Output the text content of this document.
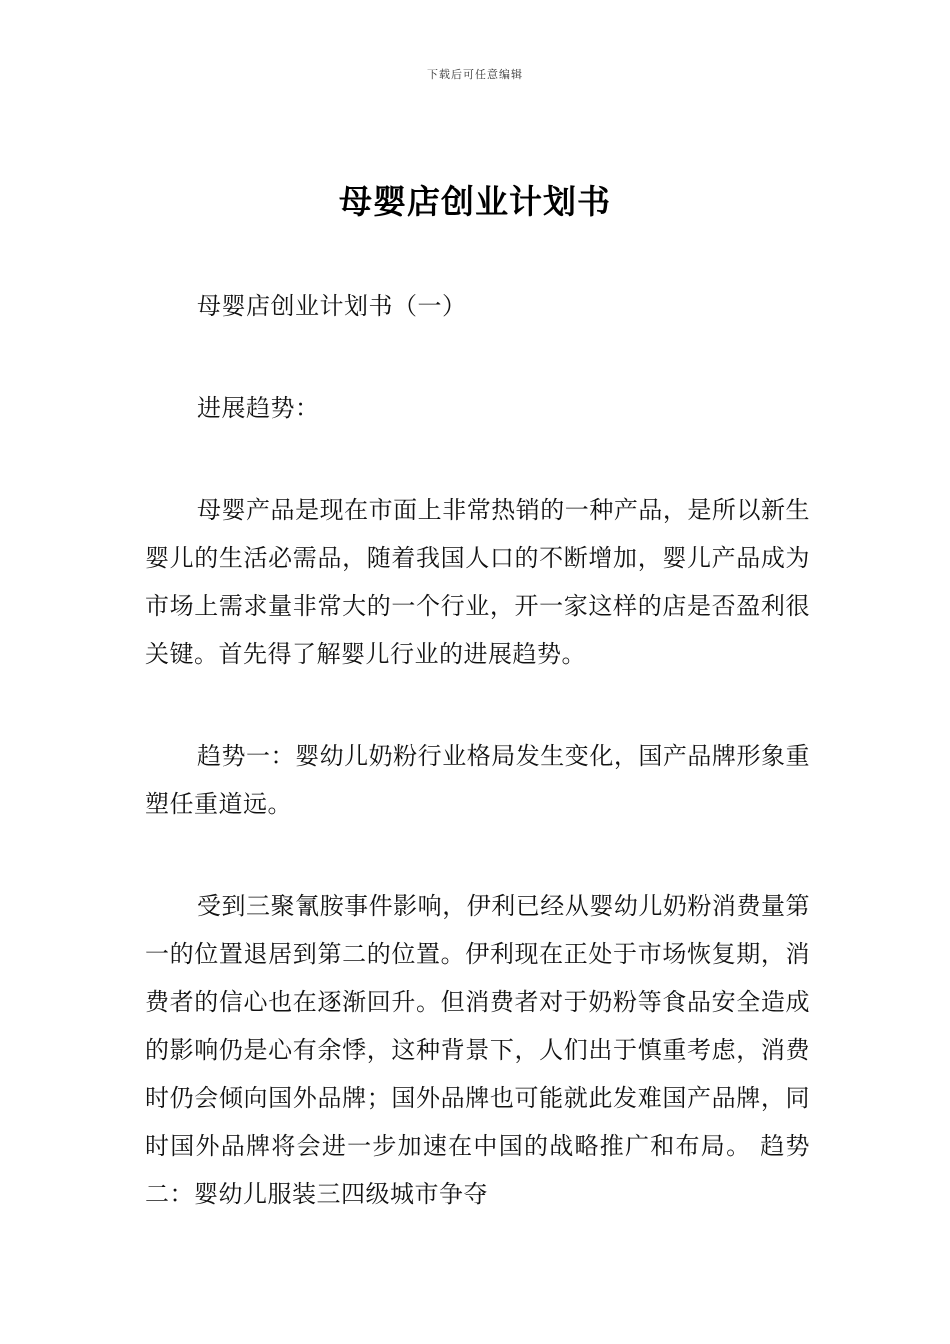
下载后可任意编辑
母婴店创业计划书

母婴店创业计划书（一）

进展趋势：

母婴产品是现在市面上非常热销的一种产品，是所以新生婴儿的生活必需品，随着我国人口的不断增加，婴儿产品成为市场上需求量非常大的一个行业，开一家这样的店是否盈利很关键。首先得了解婴儿行业的进展趋势。

趋势一：婴幼儿奶粉行业格局发生变化，国产品牌形象重塑任重道远。

受到三聚氰胺事件影响，伊利已经从婴幼儿奶粉消费量第一的位置退居到第二的位置。伊利现在正处于市场恢复期，消费者的信心也在逐渐回升。但消费者对于奶粉等食品安全造成的影响仍是心有余悸，这种背景下，人们出于慎重考虑，消费时仍会倾向国外品牌；国外品牌也可能就此发难国产品牌，同时国外品牌将会进一步加速在中国的战略推广和布局。 趋势二：婴幼儿服装三四级城市争夺
